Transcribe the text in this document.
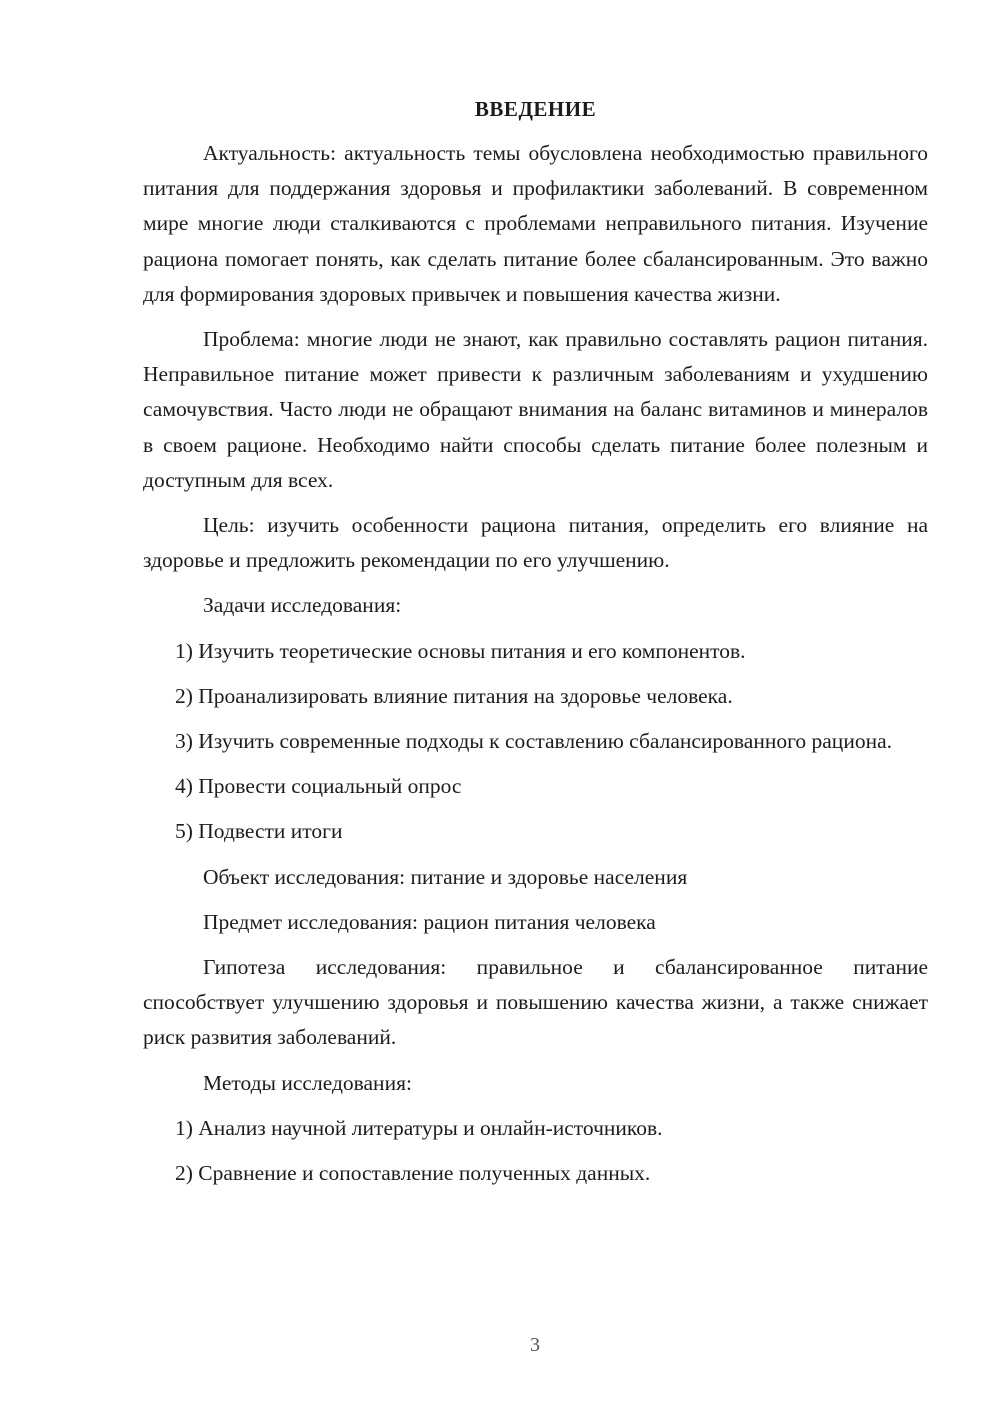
ВВЕДЕНИЕ

Актуальность: актуальность темы обусловлена необходимостью правильного питания для поддержания здоровья и профилактики заболеваний. В современном мире многие люди сталкиваются с проблемами неправильного питания. Изучение рациона помогает понять, как сделать питание более сбалансированным. Это важно для формирования здоровых привычек и повышения качества жизни.

Проблема: многие люди не знают, как правильно составлять рацион питания. Неправильное питание может привести к различным заболеваниям и ухудшению самочувствия. Часто люди не обращают внимания на баланс витаминов и минералов в своем рационе. Необходимо найти способы сделать питание более полезным и доступным для всех.

Цель: изучить особенности рациона питания, определить его влияние на здоровье и предложить рекомендации по его улучшению.

Задачи исследования:

1) Изучить теоретические основы питания и его компонентов.

2) Проанализировать влияние питания на здоровье человека.

3) Изучить современные подходы к составлению сбалансированного рациона.

4) Провести социальный опрос

5) Подвести итоги

Объект исследования: питание и здоровье населения

Предмет исследования: рацион питания человека

Гипотеза исследования: правильное и сбалансированное питание способствует улучшению здоровья и повышению качества жизни, а также снижает риск развития заболеваний.

Методы исследования:

1) Анализ научной литературы и онлайн-источников.

2) Сравнение и сопоставление полученных данных.

3
